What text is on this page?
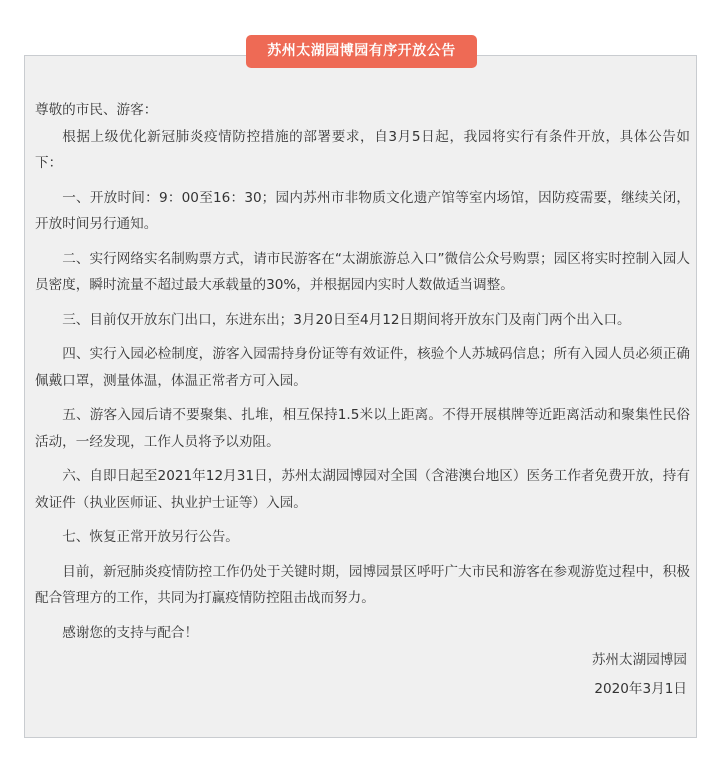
苏州太湖园博园有序开放公告

尊敬的市民、游客：

根据上级优化新冠肺炎疫情防控措施的部署要求，自3月5日起，我园将实行有条件开放，具体公告如下：

一、开放时间：9：00至16：30；园内苏州市非物质文化遗产馆等室内场馆，因防疫需要，继续关闭，开放时间另行通知。

二、实行网络实名制购票方式，请市民游客在“太湖旅游总入口”微信公众号购票；园区将实时控制入园人员密度，瞬时流量不超过最大承载量的30%，并根据园内实时人数做适当调整。

三、目前仅开放东门出口，东进东出；3月20日至4月12日期间将开放东门及南门两个出入口。

四、实行入园必检制度，游客入园需持身份证等有效证件，核验个人苏城码信息；所有入园人员必须正确佩戴口罩，测量体温，体温正常者方可入园。

五、游客入园后请不要聚集、扎堆，相互保持1.5米以上距离。不得开展棋牌等近距离活动和聚集性民俗活动，一经发现，工作人员将予以劝阻。

六、自即日起至2021年12月31日，苏州太湖园博园对全国（含港澳台地区）医务工作者免费开放，持有效证件（执业医师证、执业护士证等）入园。

七、恢复正常开放另行公告。

目前，新冠肺炎疫情防控工作仍处于关键时期，园博园景区呼吁广大市民和游客在参观游览过程中，积极配合管理方的工作，共同为打赢疫情防控阻击战而努力。

感谢您的支持与配合！

苏州太湖园博园
2020年3月1日
